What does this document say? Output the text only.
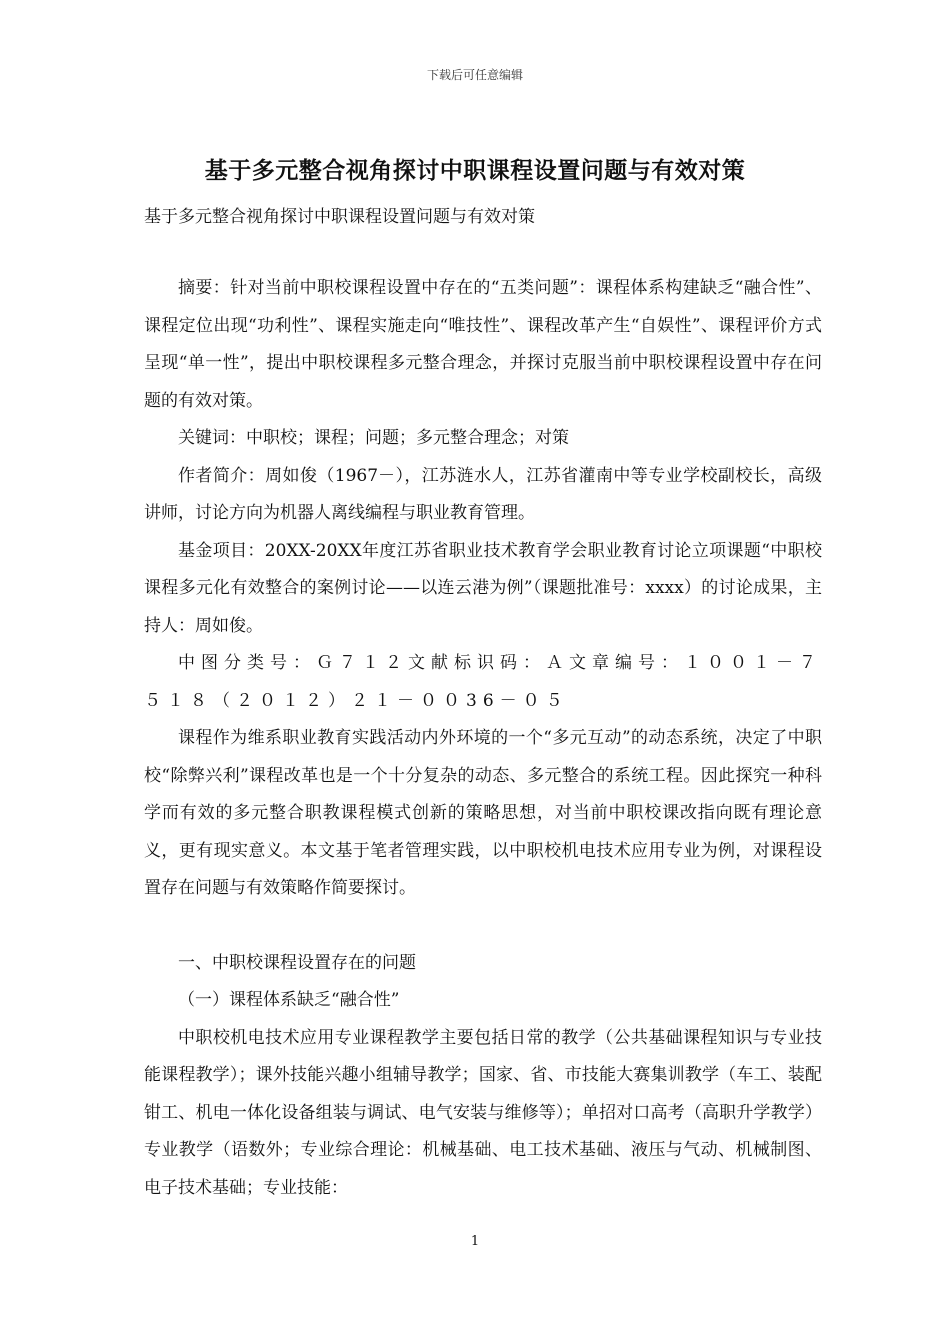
下载后可任意编辑
基于多元整合视角探讨中职课程设置问题与有效对策
基于多元整合视角探讨中职课程设置问题与有效对策

摘要：针对当前中职校课程设置中存在的“五类问题”：课程体系构建缺乏“融合性”、课程定位出现“功利性”、课程实施走向“唯技性”、课程改革产生“自娱性”、课程评价方式呈现“单一性”，提出中职校课程多元整合理念，并探讨克服当前中职校课程设置中存在问题的有效对策。

关键词：中职校；课程；问题；多元整合理念；对策

作者简介：周如俊（1967－），江苏涟水人，江苏省灌南中等专业学校副校长，高级讲师，讨论方向为机器人离线编程与职业教育管理。

基金项目：20XX-20XX年度江苏省职业技术教育学会职业教育讨论立项课题“中职校课程多元化有效整合的案例讨论——以连云港为例”（课题批准号：xxxx）的讨论成果，主持人：周如俊。

中图分类号：Ｇ７１２文献标识码：Ａ文章编号：１００１－７５１８（２０１２）２１－００36－０５

课程作为维系职业教育实践活动内外环境的一个“多元互动”的动态系统，决定了中职校“除弊兴利”课程改革也是一个十分复杂的动态、多元整合的系统工程。因此探究一种科学而有效的多元整合职教课程模式创新的策略思想，对当前中职校课改指向既有理论意义，更有现实意义。本文基于笔者管理实践，以中职校机电技术应用专业为例，对课程设置存在问题与有效策略作简要探讨。

一、中职校课程设置存在的问题

（一）课程体系缺乏“融合性”

中职校机电技术应用专业课程教学主要包括日常的教学（公共基础课程知识与专业技能课程教学）；课外技能兴趣小组辅导教学；国家、省、市技能大赛集训教学（车工、装配钳工、机电一体化设备组装与调试、电气安装与维修等）；单招对口高考（高职升学教学）专业教学（语数外；专业综合理论：机械基础、电工技术基础、液压与气动、机械制图、 电子技术基础；专业技能：

1
